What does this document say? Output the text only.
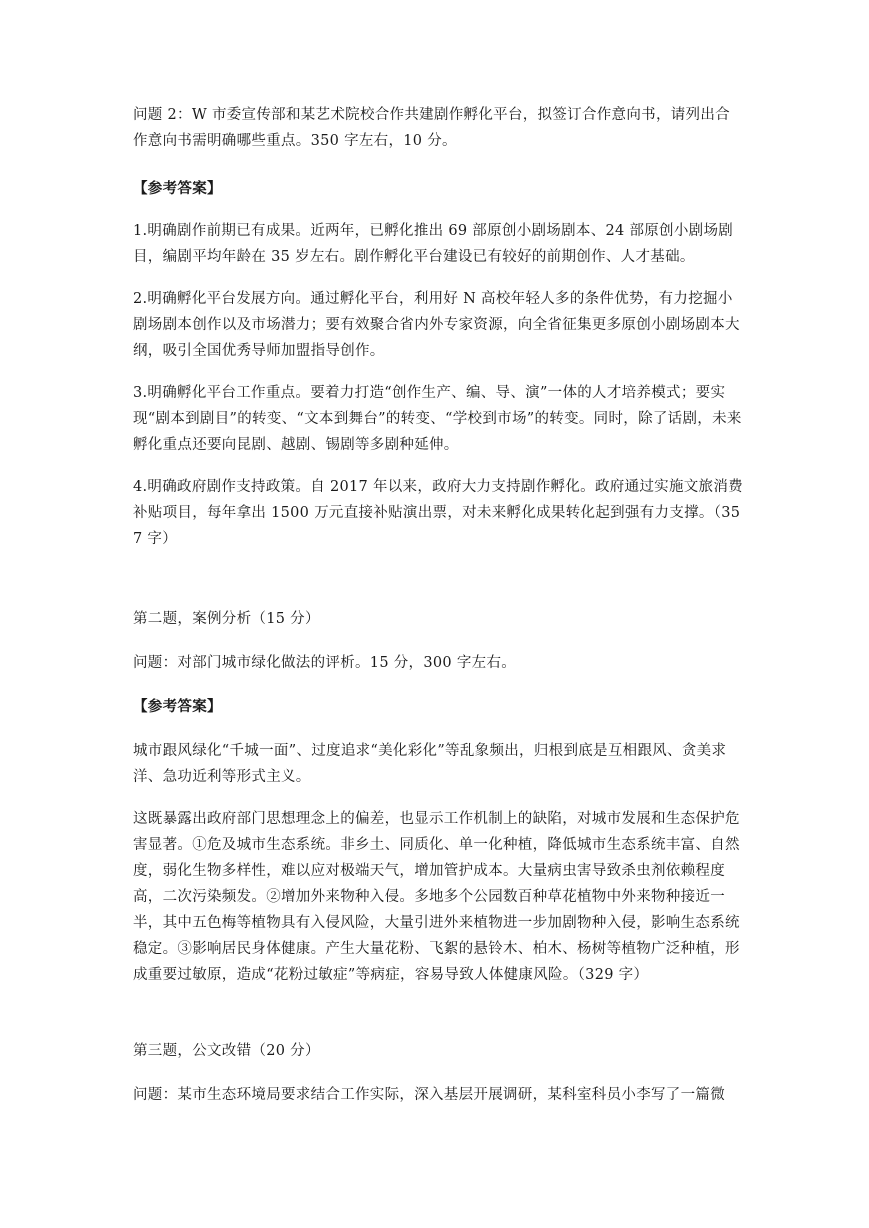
问题 2：W 市委宣传部和某艺术院校合作共建剧作孵化平台，拟签订合作意向书，请列出合作意向书需明确哪些重点。350 字左右，10 分。

【参考答案】

1.明确剧作前期已有成果。近两年，已孵化推出 69 部原创小剧场剧本、24 部原创小剧场剧目，编剧平均年龄在 35 岁左右。剧作孵化平台建设已有较好的前期创作、人才基础。

2.明确孵化平台发展方向。通过孵化平台，利用好 N 高校年轻人多的条件优势，有力挖掘小剧场剧本创作以及市场潜力；要有效聚合省内外专家资源，向全省征集更多原创小剧场剧本大纲，吸引全国优秀导师加盟指导创作。

3.明确孵化平台工作重点。要着力打造“创作生产、编、导、演”一体的人才培养模式；要实现“剧本到剧目”的转变、“文本到舞台”的转变、“学校到市场”的转变。同时，除了话剧，未来孵化重点还要向昆剧、越剧、锡剧等多剧种延伸。

4.明确政府剧作支持政策。自 2017 年以来，政府大力支持剧作孵化。政府通过实施文旅消费补贴项目，每年拿出 1500 万元直接补贴演出票，对未来孵化成果转化起到强有力支撑。（357 字）

第二题，案例分析（15 分）

问题：对部门城市绿化做法的评析。15 分，300 字左右。

【参考答案】

城市跟风绿化“千城一面”、过度追求“美化彩化”等乱象频出，归根到底是互相跟风、贪美求洋、急功近利等形式主义。

这既暴露出政府部门思想理念上的偏差，也显示工作机制上的缺陷，对城市发展和生态保护危害显著。①危及城市生态系统。非乡土、同质化、单一化种植，降低城市生态系统丰富、自然度，弱化生物多样性，难以应对极端天气，增加管护成本。大量病虫害导致杀虫剂依赖程度高，二次污染频发。②增加外来物种入侵。多地多个公园数百种草花植物中外来物种接近一半，其中五色梅等植物具有入侵风险，大量引进外来植物进一步加剧物种入侵，影响生态系统稳定。③影响居民身体健康。产生大量花粉、飞絮的悬铃木、柏木、杨树等植物广泛种植，形成重要过敏原，造成“花粉过敏症”等病症，容易导致人体健康风险。（329 字）

第三题，公文改错（20 分）

问题：某市生态环境局要求结合工作实际，深入基层开展调研，某科室科员小李写了一篇微
